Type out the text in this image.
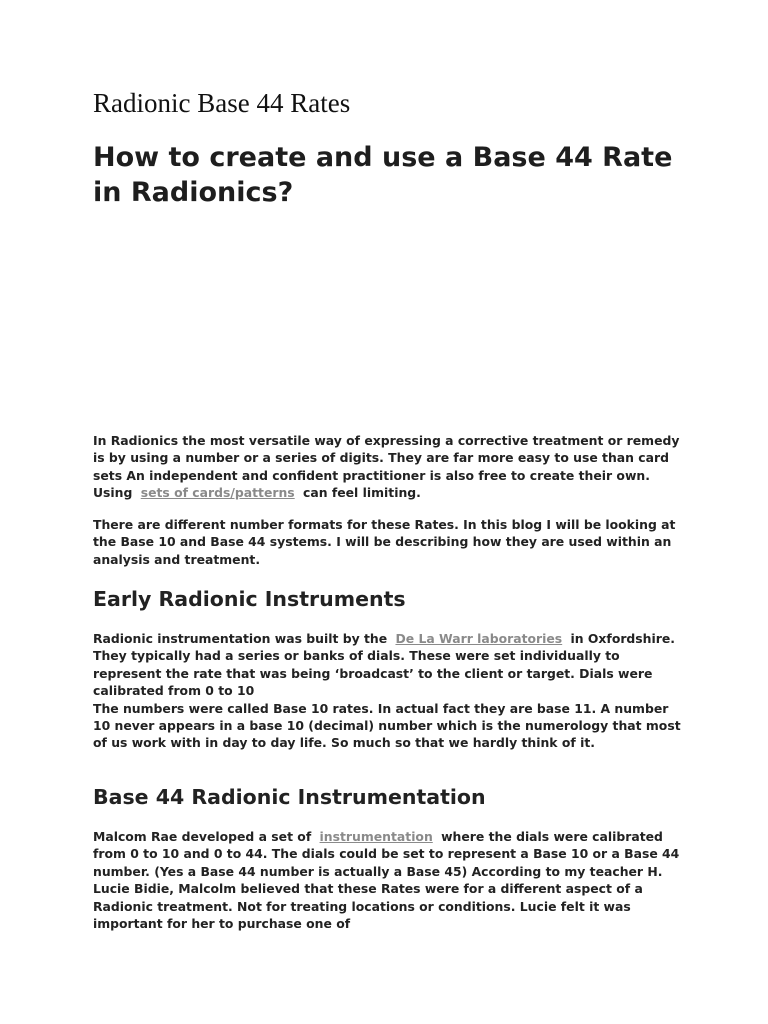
Radionic Base 44 Rates
How to create and use a Base 44 Rate in Radionics?

In Radionics the most versatile way of expressing a corrective treatment or remedy is by using a number or a series of digits. They are far more easy to use than card sets An independent and confident practitioner is also free to create their own. Using sets of cards/patterns can feel limiting.

There are different number formats for these Rates. In this blog I will be looking at the Base 10 and Base 44 systems. I will be describing how they are used within an analysis and treatment.

Early Radionic Instruments

Radionic instrumentation was built by the De La Warr laboratories in Oxfordshire. They typically had a series or banks of dials. These were set individually to represent the rate that was being ‘broadcast’ to the client or target. Dials were calibrated from 0 to 10
The numbers were called Base 10 rates. In actual fact they are base 11. A number 10 never appears in a base 10 (decimal) number which is the numerology that most of us work with in day to day life. So much so that we hardly think of it.

Base 44 Radionic Instrumentation

Malcom Rae developed a set of instrumentation where the dials were calibrated from 0 to 10 and 0 to 44. The dials could be set to represent a Base 10 or a Base 44 number. (Yes a Base 44 number is actually a Base 45) According to my teacher H. Lucie Bidie, Malcolm believed that these Rates were for a different aspect of a Radionic treatment. Not for treating locations or conditions. Lucie felt it was important for her to purchase one of
